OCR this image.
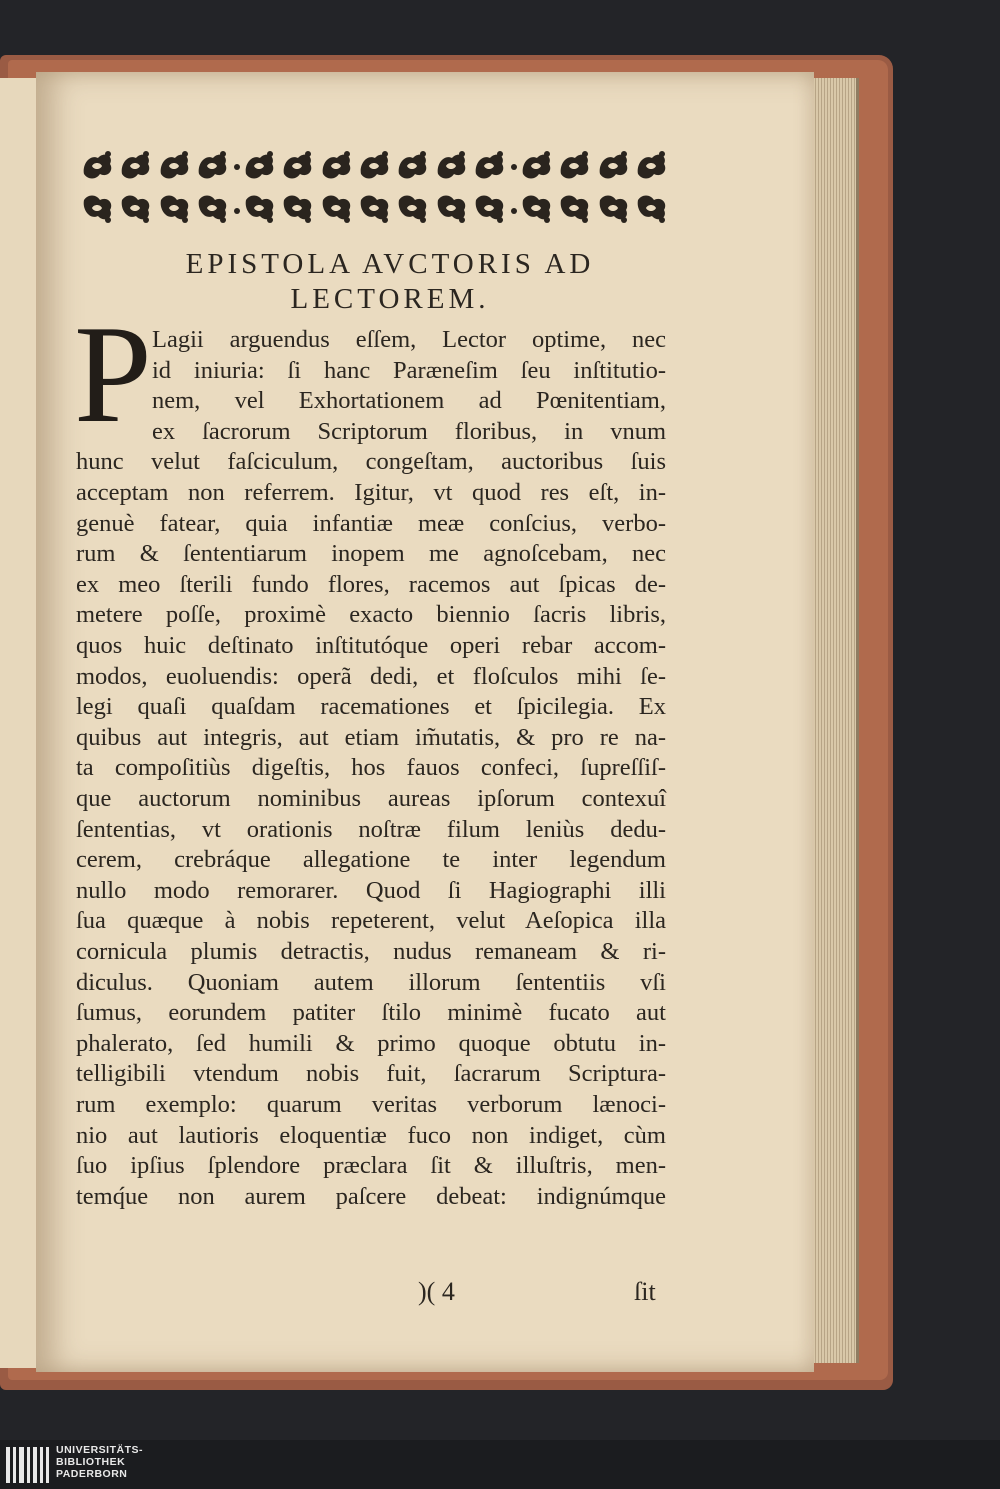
EPISTOLA AVCTORIS AD
LECTOREM.
P Lagii arguendus eſſem, Lector optime, nec
id iniuria: ſi hanc Paræneſim ſeu inſtitutio-
nem, vel Exhortationem ad Pœnitentiam,
ex ſacrorum Scriptorum floribus, in vnum
hunc velut faſciculum, congeſtam, auctoribus ſuis
acceptam non referrem. Igitur, vt quod res eſt, in-
genuè fatear, quia infantiæ meæ conſcius, verbo-
rum & ſententiarum inopem me agnoſcebam, nec
ex meo ſterili fundo flores, racemos aut ſpicas de-
metere poſſe, proximè exacto biennio ſacris libris,
quos huic deſtinato inſtitutóque operi rebar accom-
modos, euoluendis: operã dedi, et floſculos mihi ſe-
legi quaſi quaſdam racemationes et ſpicilegia. Ex
quibus aut integris, aut etiam im̃utatis, & pro re na-
ta compoſitiùs digeſtis, hos fauos confeci, ſupreſſiſ-
que auctorum nominibus aureas ipſorum contexuî
ſententias, vt orationis noſtræ filum leniùs dedu-
cerem, crebráque allegatione te inter legendum
nullo modo remorarer. Quod ſi Hagiographi illi
ſua quæque à nobis repeterent, velut Aeſopica illa
cornicula plumis detractis, nudus remaneam & ri-
diculus. Quoniam autem illorum ſententiis vſi
ſumus, eorundem patiter ſtilo minimè fucato aut
phalerato, ſed humili & primo quoque obtutu in-
telligibili vtendum nobis fuit, ſacrarum Scriptura-
rum exemplo: quarum veritas verborum lænoci-
nio aut lautioris eloquentiæ fuco non indiget, cùm
ſuo ipſius ſplendore præclara ſit & illuſtris, men-
temq́ue non aurem paſcere debeat: indignúmque
)( 4	ſit
UNIVERSITÄTS-
BIBLIOTHEK
PADERBORN
